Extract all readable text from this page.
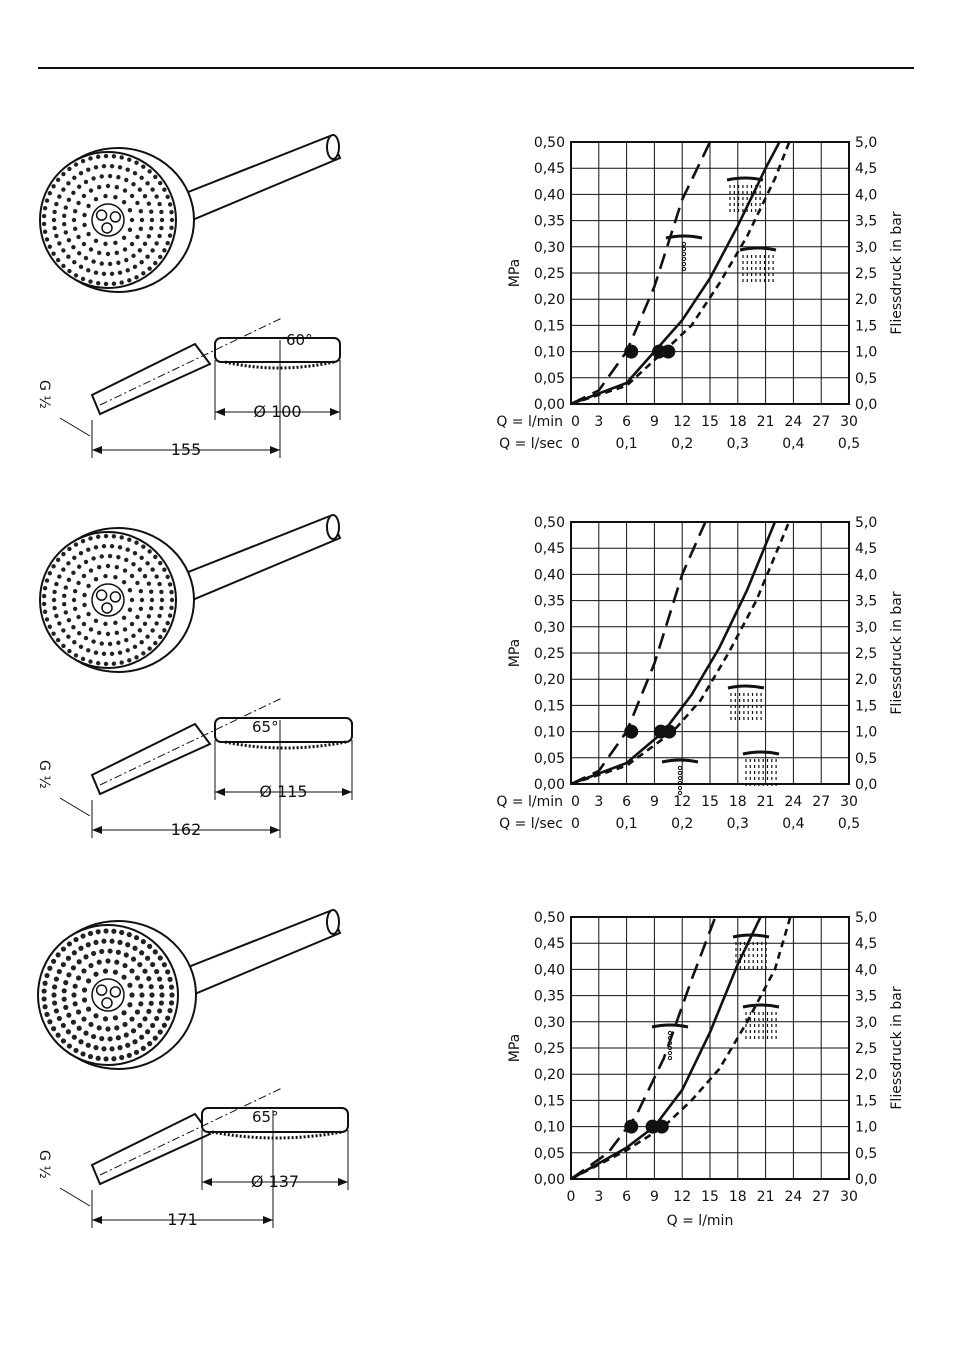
60°
G ½
Ø 100
155
0,00
0,05
0,10
0,15
0,20
0,25
0,30
0,35
0,40
0,45
0,50
0,0
0,5
1,0
1,5
2,0
2,5
3,0
3,5
4,0
4,5
5,0
MPa	Fliessdruck in bar
Q = l/min 0 3 6 9 12 15 18 21 24 27 30
Q = l/sec 0	0,1 0,2 0,3 0,4 0,5
65°
G ½
Ø 115
162
0,00
0,05
0,10
0,15
0,20
0,25
0,30
0,35
0,40
0,45
0,50
0,0
0,5
1,0
1,5
2,0
2,5
3,0
3,5
4,0
4,5
5,0
MPa	Fliessdruck in bar
Q = l/min 0 3 6 9 12 15 18 21 24 27 30
Q = l/sec 0	0,1 0,2 0,3 0,4 0,5
65°
G ½
Ø 137
171
0,00
0,05
0,10
0,15
0,20
0,25
0,30
0,35
0,40
0,45
0,50
0,0
0,5
1,0
1,5
2,0
2,5
3,0
3,5
4,0
4,5
5,0
MPa	Fliessdruck in bar
0 3 6 9 12 15 18 21 24 27 30
Q = l/min
